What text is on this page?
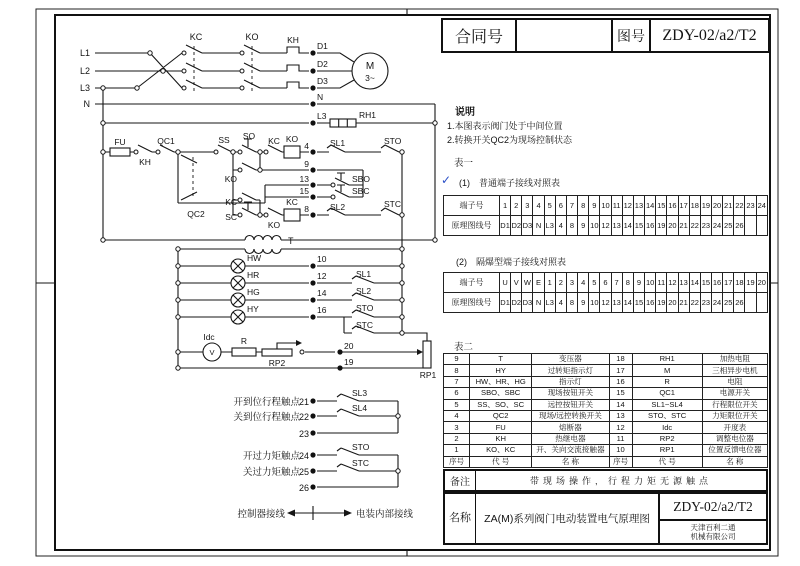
L1
L2
L3
N
KC	KO	KH
D1
D2
D3
M
3~
N
L3	RH1
FU
KH
QC1
QC2
SS SO
KO
KC
SC
KC KO
KO
KC
4
9
13
15
8
SBO
SBC
SL1	STO
SL2	STC
T
HW
HR
HG
HY
10
12
14
16
SL1
SL2
STO
STC
Idc
V
R
RP2
20
19
RP1
21
22
23
24
25
26
开到位行程触点
关到位行程触点
开过力矩触点
关过力矩触点
SL3
SL4
STO
STC
控制器接线	电装内部接线
合同号	图号	ZDY-02/a2/T2
说明
1.本图表示阀门处于中间位置
2.转换开关QC2为现场控制状态
表一
✓ (1)　普通端子接线对照表
端子号	1	2	3	4	5	6	7	8	9	10	11	12	13	14	15	16	17	18	19	20	21	22	23	24
原理图线号	D1	D2	D3	N	L3	4	8	9	10	12	13	14	15	16	19	20	21	22	23	24	25	26		
(2)　隔爆型端子接线对照表
端子号	U	V	W	E	1	2	3	4	5	6	7	8	9	10	11	12	13	14	15	16	17	18	19	20
原理图线号	D1	D2	D3	N	L3	4	8	9	10	12	13	14	15	16	19	20	21	22	23	24	25	26		
表二
9	T	变压器	18	RH1	加热电阻
8	HY	过转矩指示灯	17	M	三相异步电机
7	HW、HR、HG	指示灯	16	R	电阻
6	SBO、SBC	现场按钮开关	15	QC1	电源开关
5	SS、SO、SC	远控按钮开关	14	SL1~SL4	行程限位开关
4	QC2	现场/远控转换开关	13	STO、STC	力矩限位开关
3	FU	熔断器	12	Idc	开度表
2	KH	热继电器	11	RP2	调整电位器
1	KO、KC	开、关向交流接触器	10	RP1	位置反馈电位器
序号	代 号	名 称	序号	代 号	名 称
备注	带现场操作, 行程力矩无源触点
名 称	ZA(M)系列阀门电动装置电气原理图
ZDY-02/a2/T2
天津百利二通
机械有限公司
